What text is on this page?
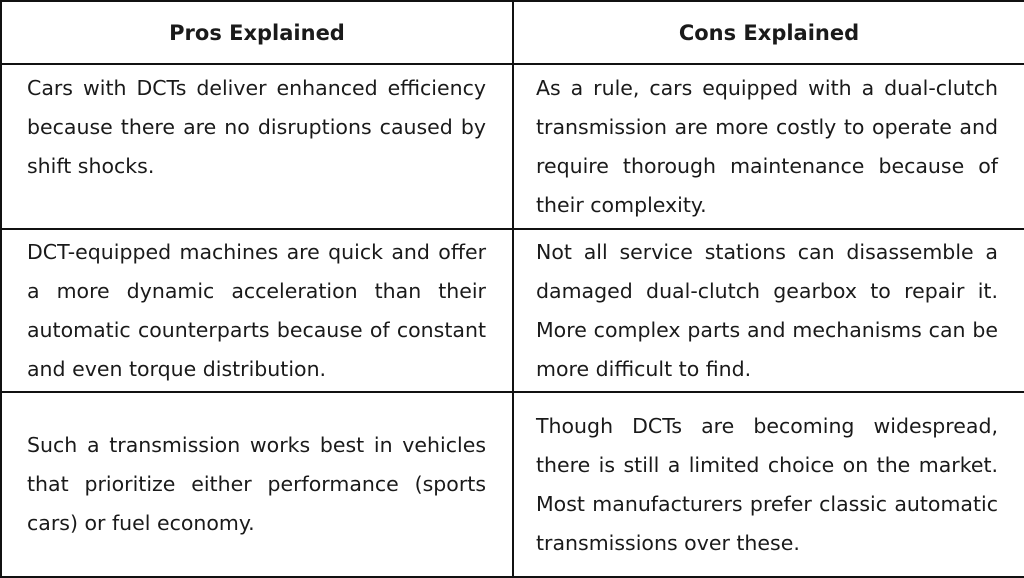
Pros Explained	Cons Explained
Cars with DCTs deliver enhanced efficiency because there are no disruptions caused by shift shocks.	As a rule, cars equipped with a dual-clutch transmission are more costly to operate and require thorough maintenance because of their complexity.
DCT-equipped machines are quick and offer a more dynamic acceleration than their automatic counterparts because of constant and even torque distribution.	Not all service stations can disassemble a damaged dual-clutch gearbox to repair it. More complex parts and mechanisms can be more difficult to find.
Such a transmission works best in vehicles that prioritize either performance (sports cars) or fuel economy.	Though DCTs are becoming widespread, there is still a limited choice on the market. Most manufacturers prefer classic automatic transmissions over these.
